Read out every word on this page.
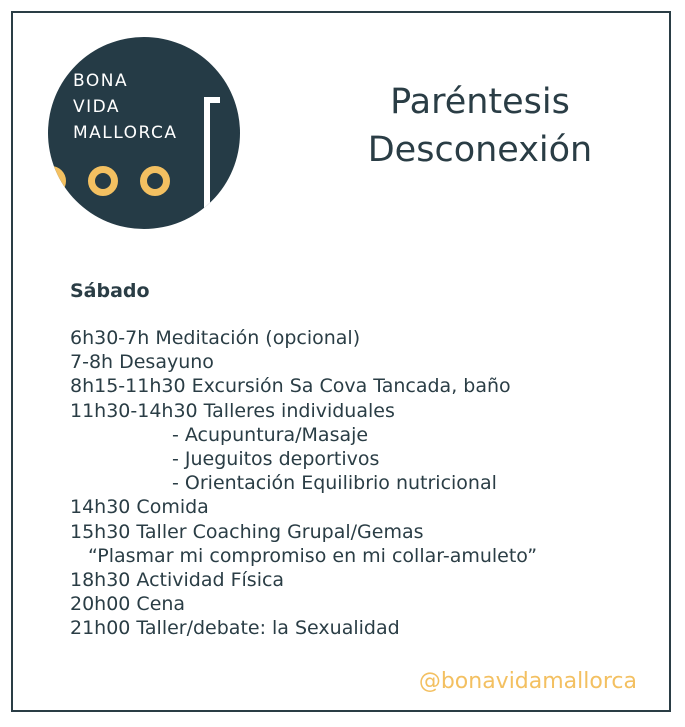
BONA
VIDA
MALLORCA
Paréntesis
Desconexión
Sábado
6h30-7h Meditación (opcional)
7-8h Desayuno
8h15-11h30 Excursión Sa Cova Tancada, baño
11h30-14h30 Talleres individuales
- Acupuntura/Masaje
- Jueguitos deportivos
- Orientación Equilibrio nutricional
14h30 Comida
15h30 Taller Coaching Grupal/Gemas
“Plasmar mi compromiso en mi collar-amuleto”
18h30 Actividad Física
20h00 Cena
21h00 Taller/debate: la Sexualidad
@bonavidamallorca
